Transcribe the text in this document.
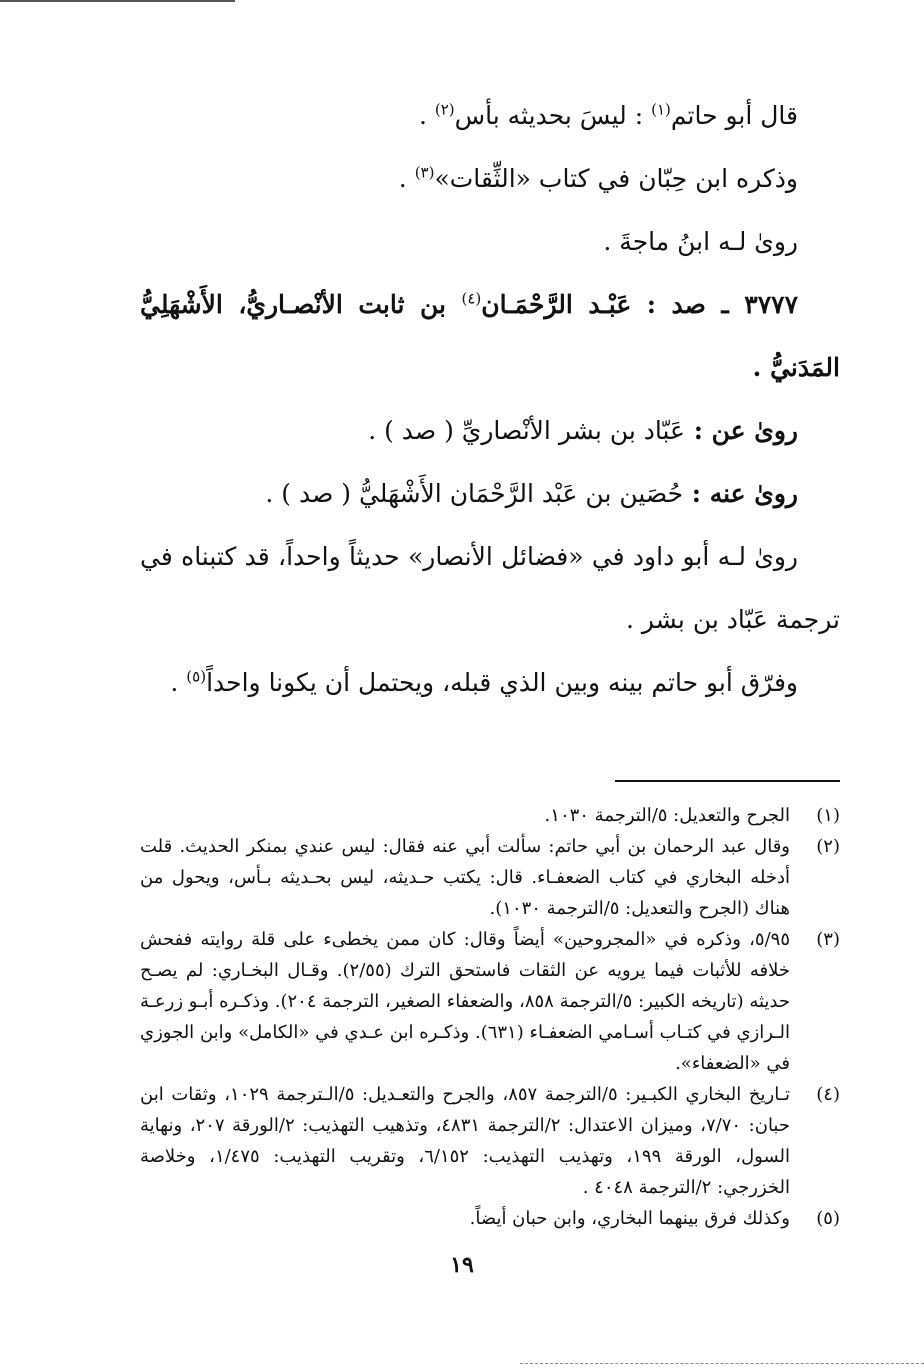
قال أبو حاتم$^{(١)}$ : ليسَ بحديثه بأس$^{(٢)}$ .

وذكره ابن حِبّان في كتاب «الثِّقات»$^{(٣)}$ .

روىٰ لـه ابنُ ماجةَ .

٣٧٧٧ ـ صد : عَبْـد الرَّحْمَـان$^{(٤)}$ بن ثابت الأنْصـاريُّ، الأَشْهَلِيُّ المَدَنيُّ .

روىٰ عن : عَبّاد بن بشر الأنْصاريِّ ( صد ) .

روىٰ عنه : حُصَين بن عَبْد الرَّحْمَان الأَشْهَليُّ ( صد ) .

روىٰ لـه أبو داود في «فضائل الأنصار» حديثاً واحداً، قد كتبناه في ترجمة عَبّاد بن بشر .

وفرّق أبو حاتم بينه وبين الذي قبله، ويحتمل أن يكونا واحداً$^{(٥)}$ .

(١)
الجرح والتعديل: ٥/الترجمة ١٠٣٠.
(٢)
وقال عبد الرحمان بن أبي حاتم: سألت أبي عنه فقال: ليس عندي بمنكر الحديث. قلت أدخله البخاري في كتاب الضعفـاء. قال: يكتب حـديثه، ليس بحـديثه بـأس، ويحول من هناك (الجرح والتعديل: ٥/الترجمة ١٠٣٠).
(٣)
٥/٩٥، وذكره في «المجروحين» أيضاً وقال: كان ممن يخطىء على قلة روايته ففحش خلافه للأثبات فيما يرويه عن الثقات فاستحق الترك (٢/٥٥). وقـال البخـاري: لم يصـح حديثه (تاريخه الكبير: ٥/الترجمة ٨٥٨، والضعفاء الصغير، الترجمة ٢٠٤). وذكـره أبـو زرعـة الـرازي في كتـاب أسـامي الضعفـاء (٦٣١). وذكـره ابن عـدي في «الكامل» وابن الجوزي في «الضعفاء».
(٤)
تـاريخ البخاري الكبـير: ٥/الترجمة ٨٥٧، والجرح والتعـديل: ٥/الـترجمة ١٠٢٩، وثقات ابن حبان: ٧/٧٠، وميزان الاعتدال: ٢/الترجمة ٤٨٣١، وتذهيب التهذيب: ٢/الورقة ٢٠٧، ونهاية السول، الورقة ١٩٩، وتهذيب التهذيب: ٦/١٥٢، وتقريب التهذيب: ١/٤٧٥، وخلاصة الخزرجي: ٢/الترجمة ٤٠٤٨ .
(٥)
وكذلك فرق بينهما البخاري، وابن حبان أيضاً.
١٩
